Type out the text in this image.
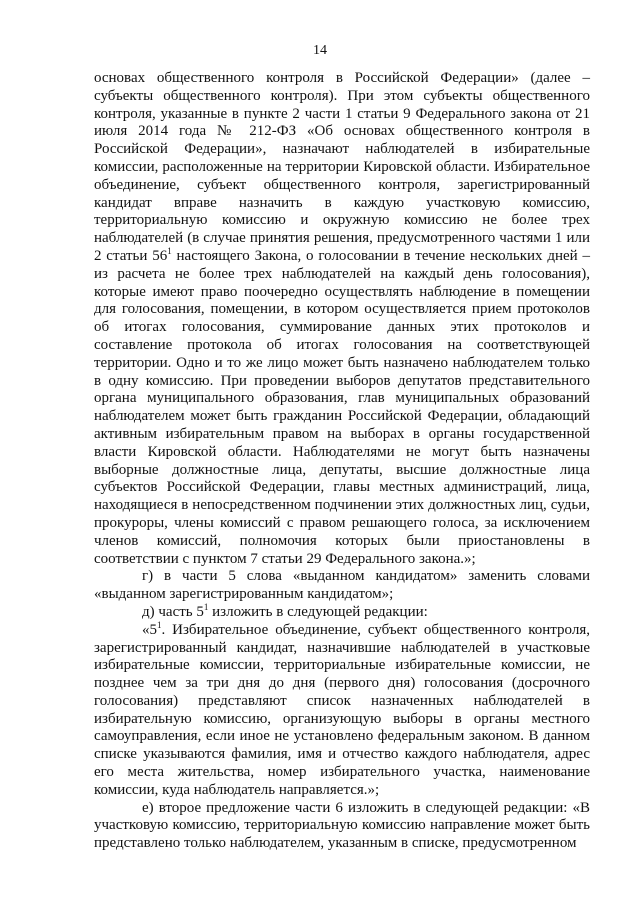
14

основах общественного контроля в Российской Федерации» (далее – субъекты общественного контроля). При этом субъекты общественного контроля, указанные в пункте 2 части 1 статьи 9 Федерального закона от 21 июля 2014 года № 212-ФЗ «Об основах общественного контроля в Российской Федерации», назначают наблюдателей в избирательные комиссии, расположенные на территории Кировской области. Избирательное объединение, субъект общественного контроля, зарегистрированный кандидат вправе назначить в каждую участковую комиссию, территориальную комиссию и окружную комиссию не более трех наблюдателей (в случае принятия решения, предусмотренного частями 1 или 2 статьи $56^1$ настоящего Закона, о голосовании в течение нескольких дней – из расчета не более трех наблюдателей на каждый день голосования), которые имеют право поочередно осуществлять наблюдение в помещении для голосования, помещении, в котором осуществляется прием протоколов об итогах голосования, суммирование данных этих протоколов и составление протокола об итогах голосования на соответствующей территории. Одно и то же лицо может быть назначено наблюдателем только в одну комиссию. При проведении выборов депутатов представительного органа муниципального образования, глав муниципальных образований наблюдателем может быть гражданин Российской Федерации, обладающий активным избирательным правом на выборах в органы государственной власти Кировской области. Наблюдателями не могут быть назначены выборные должностные лица, депутаты, высшие должностные лица субъектов Российской Федерации, главы местных администраций, лица, находящиеся в непосредственном подчинении этих должностных лиц, судьи, прокуроры, члены комиссий с правом решающего голоса, за исключением членов комиссий, полномочия которых были приостановлены в соответствии с пунктом 7 статьи 29 Федерального закона.»;

г) в части 5 слова «выданном кандидатом» заменить словами «выданном зарегистрированным кандидатом»;

д) часть $5^1$ изложить в следующей редакции:

«$5^1$. Избирательное объединение, субъект общественного контроля, зарегистрированный кандидат, назначившие наблюдателей в участковые избирательные комиссии, территориальные избирательные комиссии, не позднее чем за три дня до дня (первого дня) голосования (досрочного голосования) представляют список назначенных наблюдателей в избирательную комиссию, организующую выборы в органы местного самоуправления, если иное не установлено федеральным законом. В данном списке указываются фамилия, имя и отчество каждого наблюдателя, адрес его места жительства, номер избирательного участка, наименование комиссии, куда наблюдатель направляется.»;

е) второе предложение части 6 изложить в следующей редакции: «В участковую комиссию, территориальную комиссию направление может быть представлено только наблюдателем, указанным в списке, предусмотренном
